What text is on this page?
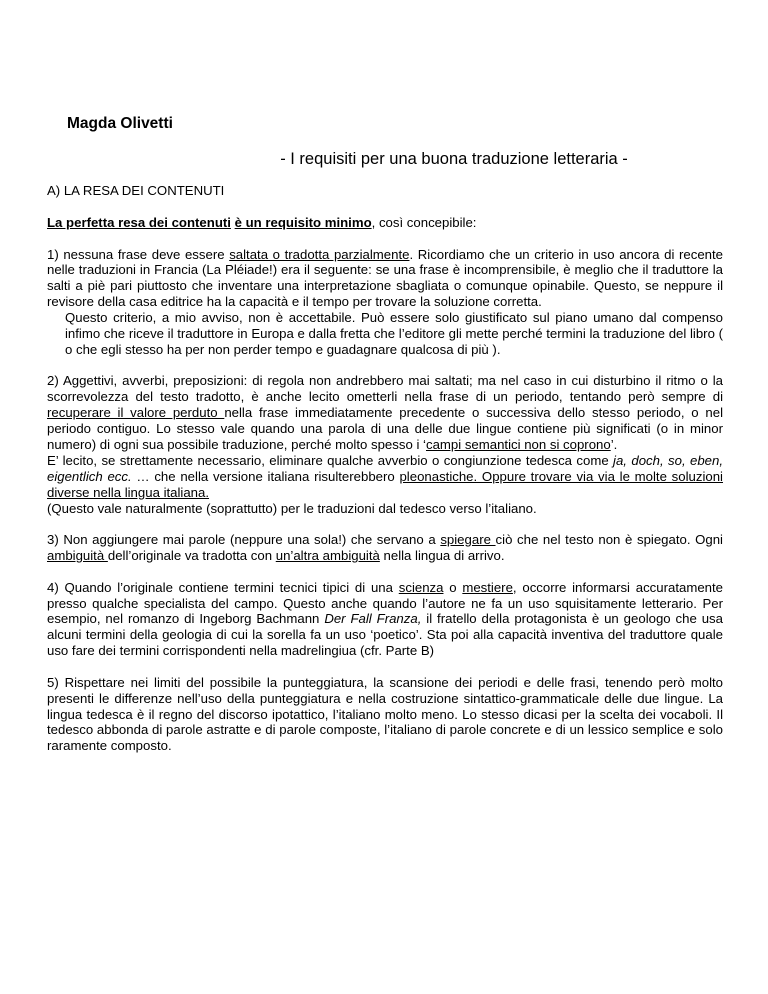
Magda Olivetti
- I requisiti per una buona traduzione letteraria -
A) LA RESA DEI CONTENUTI

La perfetta resa dei contenuti è un requisito minimo, così concepibile:

1) nessuna frase deve essere saltata o tradotta parzialmente. Ricordiamo che un criterio in uso ancora di recente nelle traduzioni in Francia (La Pléiade!) era il seguente: se una frase è incomprensibile, è meglio che il traduttore la salti a piè pari piuttosto che inventare una interpretazione sbagliata o comunque opinabile. Questo, se neppure il revisore della casa editrice ha la capacità e il tempo per trovare la soluzione corretta.

Questo criterio, a mio avviso, non è accettabile. Può essere solo giustificato sul piano umano dal compenso infimo che riceve il traduttore in Europa e dalla fretta che l’editore gli mette perché termini la traduzione del libro ( o che egli stesso ha per non perder tempo e guadagnare qualcosa di più ).

2) Aggettivi, avverbi, preposizioni: di regola non andrebbero mai saltati; ma nel caso in cui disturbino il ritmo o la scorrevolezza del testo tradotto, è anche lecito ometterli nella frase di un periodo, tentando però sempre di recuperare il valore perduto nella frase immediatamente precedente o successiva dello stesso periodo, o nel periodo contiguo. Lo stesso vale quando una parola di una delle due lingue contiene più significati (o in minor numero) di ogni sua possibile traduzione, perché molto spesso i ‘campi semantici non si coprono’.

E’ lecito, se strettamente necessario, eliminare qualche avverbio o congiunzione tedesca come ja, doch, so, eben, eigentlich ecc. … che nella versione italiana risulterebbero pleonastiche. Oppure trovare via via le molte soluzioni diverse nella lingua italiana.

(Questo vale naturalmente (soprattutto) per le traduzioni dal tedesco verso l’italiano.

3) Non aggiungere mai parole (neppure una sola!) che servano a spiegare ciò che nel testo non è spiegato. Ogni ambiguità dell’originale va tradotta con un’altra ambiguità nella lingua di arrivo.

4) Quando l’originale contiene termini tecnici tipici di una scienza o mestiere, occorre informarsi accuratamente presso qualche specialista del campo. Questo anche quando l’autore ne fa un uso squisitamente letterario. Per esempio, nel romanzo di Ingeborg Bachmann Der Fall Franza, il fratello della protagonista è un geologo che usa alcuni termini della geologia di cui la sorella fa un uso ‘poetico’. Sta poi alla capacità inventiva del traduttore quale uso fare dei termini corrispondenti nella madrelingiua (cfr. Parte B)

5) Rispettare nei limiti del possibile la punteggiatura, la scansione dei periodi e delle frasi, tenendo però molto presenti le differenze nell’uso della punteggiatura e nella costruzione sintattico-grammaticale delle due lingue. La lingua tedesca è il regno del discorso ipotattico, l’italiano molto meno. Lo stesso dicasi per la scelta dei vocaboli. Il tedesco abbonda di parole astratte e di parole composte, l’italiano di parole concrete e di un lessico semplice e solo raramente composto.
